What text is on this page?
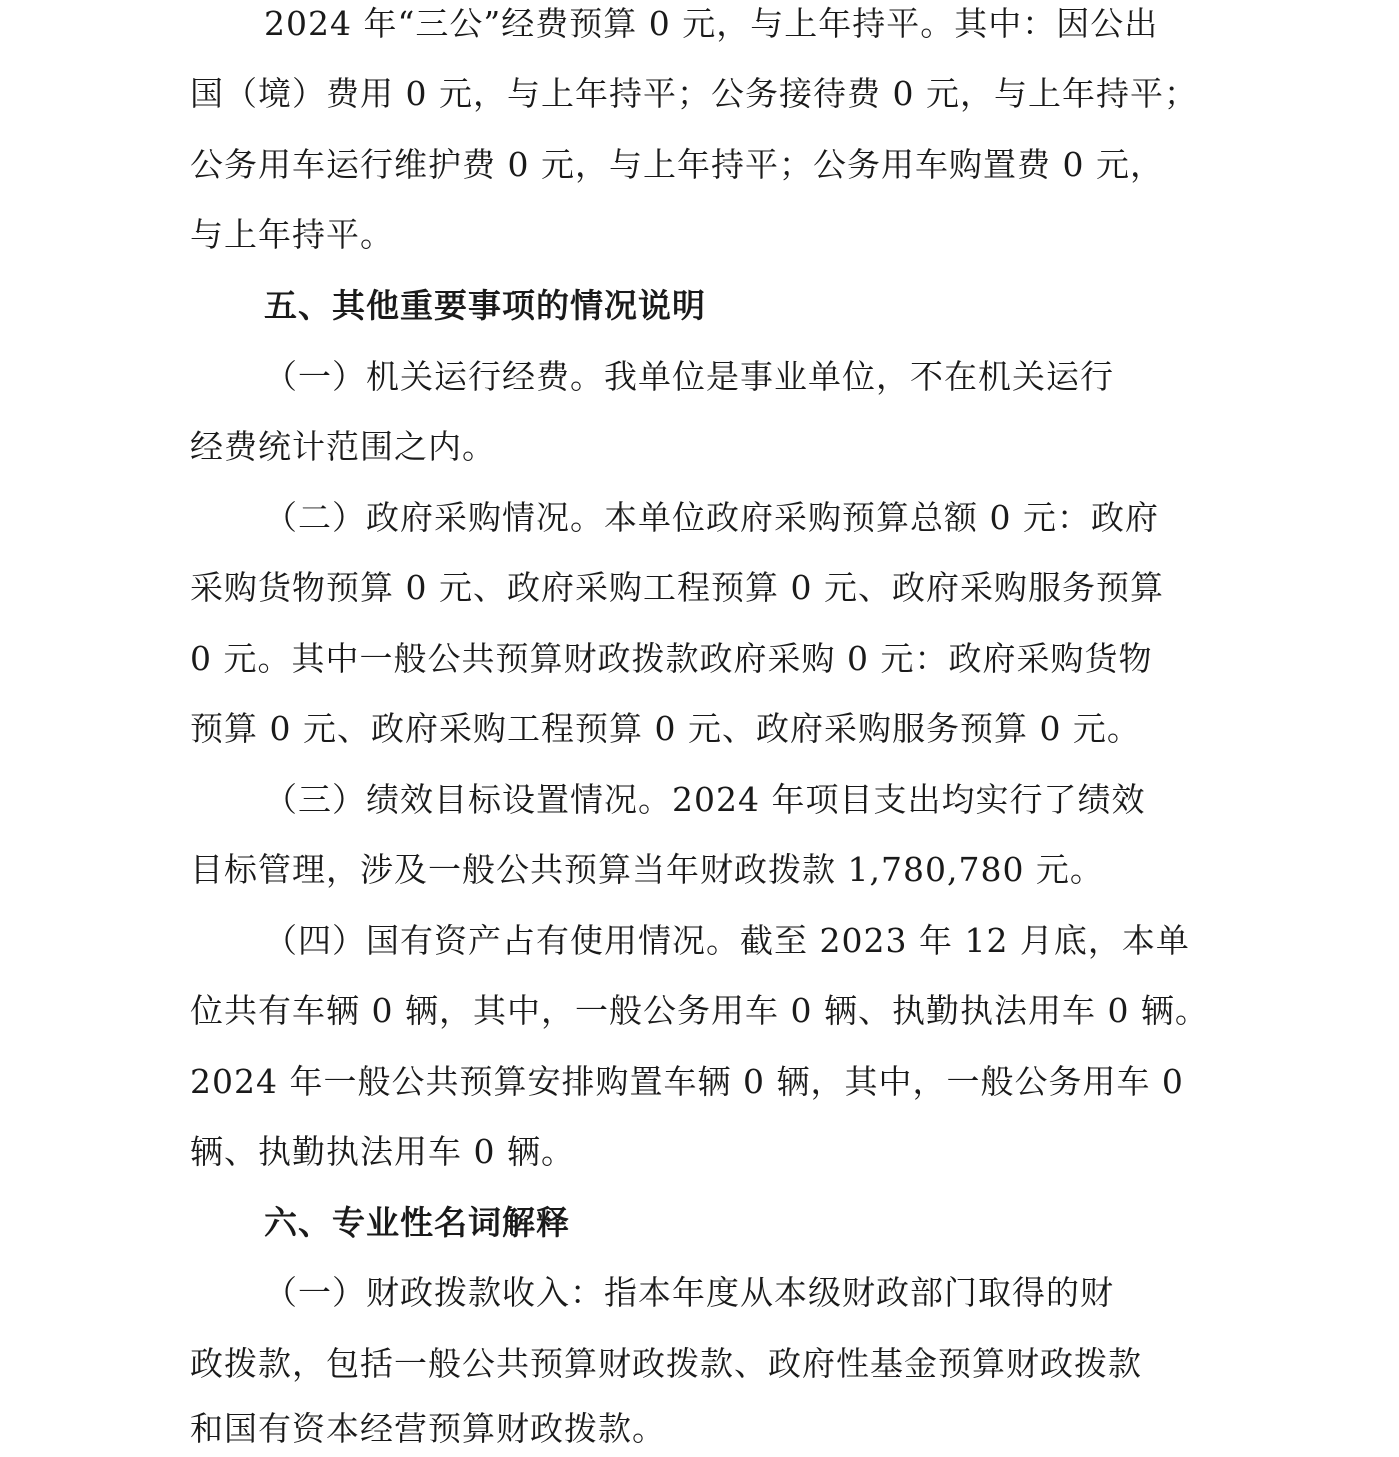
2024 年“三公”经费预算 0 元，与上年持平。其中：因公出
国（境）费用 0 元，与上年持平；公务接待费 0 元，与上年持平；
公务用车运行维护费 0 元，与上年持平；公务用车购置费 0 元，
与上年持平。
五、其他重要事项的情况说明
（一）机关运行经费。我单位是事业单位，不在机关运行
经费统计范围之内。
（二）政府采购情况。本单位政府采购预算总额 0 元：政府
采购货物预算 0 元、政府采购工程预算 0 元、政府采购服务预算
0 元。其中一般公共预算财政拨款政府采购 0 元：政府采购货物
预算 0 元、政府采购工程预算 0 元、政府采购服务预算 0 元。
（三）绩效目标设置情况。2024 年项目支出均实行了绩效
目标管理，涉及一般公共预算当年财政拨款 1,780,780 元。
（四）国有资产占有使用情况。截至 2023 年 12 月底，本单
位共有车辆 0 辆，其中，一般公务用车 0 辆、执勤执法用车 0 辆。
2024 年一般公共预算安排购置车辆 0 辆，其中，一般公务用车 0
辆、执勤执法用车 0 辆。
六、专业性名词解释
（一）财政拨款收入：指本年度从本级财政部门取得的财
政拨款，包括一般公共预算财政拨款、政府性基金预算财政拨款
和国有资本经营预算财政拨款。
